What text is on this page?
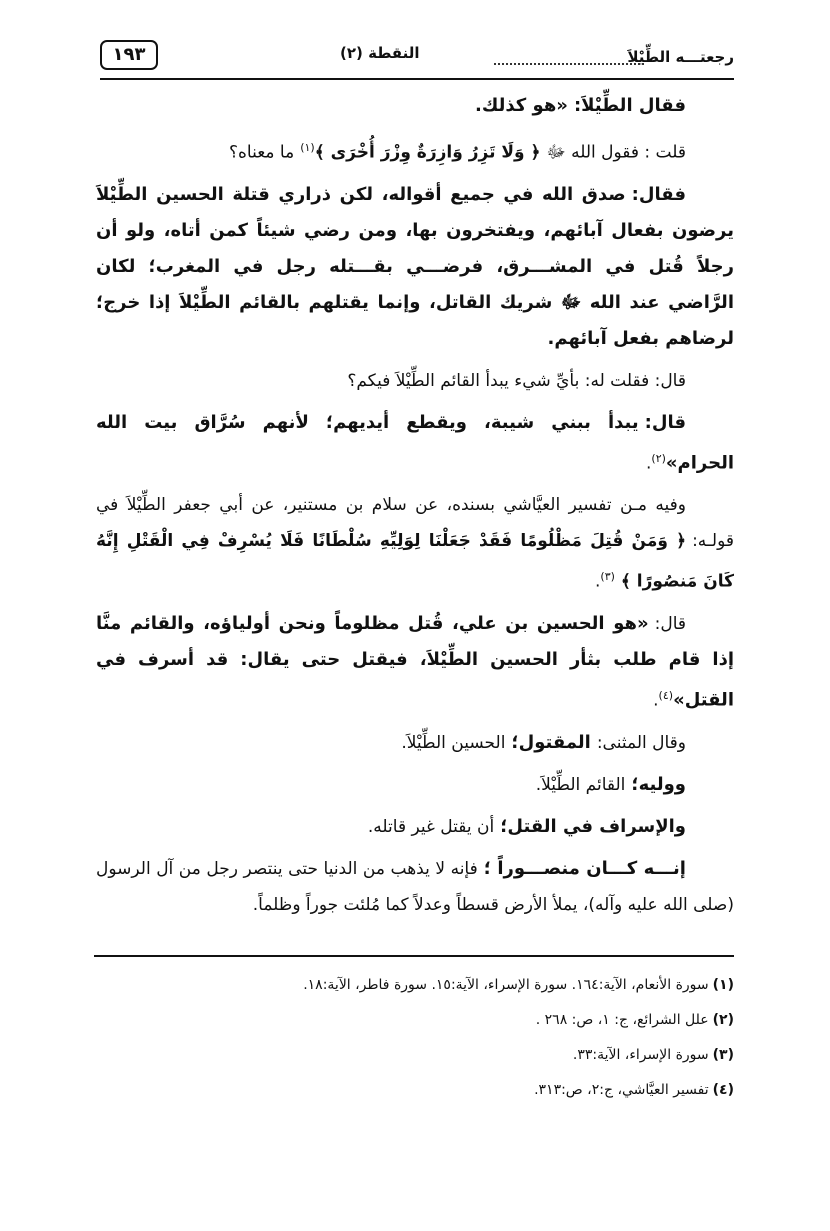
رجعتـــه الطِّيْلاَ
النقطة (٢)
١٩٣

فقال الطِّيْلاَ:«هو كذلك.

قلت : فقول الله ﷻ﴿ وَلَا تَزِرُ وَازِرَةٌ وِزْرَ أُخْرَى ﴾$^{(١)}$ما معناه؟

فقال:صدق الله في جميع أقواله، لكن ذراري قتلة الحسين الطِّيْلاَ يرضون بفعال آبائهم، ويفتخرون بها، ومن رضي شيئاً كمن أتاه، ولو أن رجلاً قُتل في المشـــرق، فرضـــي بقـــتله رجل في المغرب؛ لكان الرَّاضي عند الله ﷻ شريك القاتل، وإنما يقتلهم بالقائم الطِّيْلاَ إذا خرج؛ لرضاهم بفعل آبائهم.

قال: فقلت له: بأيِّ شيء يبدأ القائم الطِّيْلاَ فيكم؟

قال:يبدأ ببني شيبة، ويقطع أيديهم؛ لأنهم سُرَّاق بيت الله الحرام»$^{(٢)}$.

وفيه مـن تفسير العيَّاشي بسنده، عن سلام بن مستنير، عن أبي جعفر الطِّيْلاَ في قولـه:﴿ وَمَنْ قُتِلَ مَظْلُومًا فَقَدْ جَعَلْنَا لِوَلِيِّهِ سُلْطَانًا فَلَا يُسْرِفْ فِي الْقَتْلِ إِنَّهُ كَانَ مَنصُورًا ﴾$^{(٣)}$.

قال:«هو الحسين بن علي، قُتل مظلوماً ونحن أولياؤه، والقائم منَّا إذا قام طلب بثأر الحسين الطِّيْلاَ، فيقتل حتى يقال: قد أسرف في القتل»$^{(٤)}$.

وقال المثنى:المقتول؛الحسين الطِّيْلاَ.

ووليه؛القائم الطِّيْلاَ.

والإسراف في القتل؛أن يقتل غير قاتله.

إنـــه كـــان منصـــوراً ؛فإنه لا يذهب من الدنيا حتى ينتصر رجل من آل الرسول (صلى الله عليه وآله)، يملأ الأرض قسطاً وعدلاً كما مُلئت جوراً وظلماً.

(١)سورة الأنعام، الآية:١٦٤. سورة الإسراء، الآية:١٥. سورة فاطر، الآية:١٨.

(٢)علل الشرائع، ج: ١، ص: ٢٦٨ .

(٣)سورة الإسراء، الآية:٣٣.

(٤)تفسير العيَّاشي، ج:٢، ص:٣١٣.
